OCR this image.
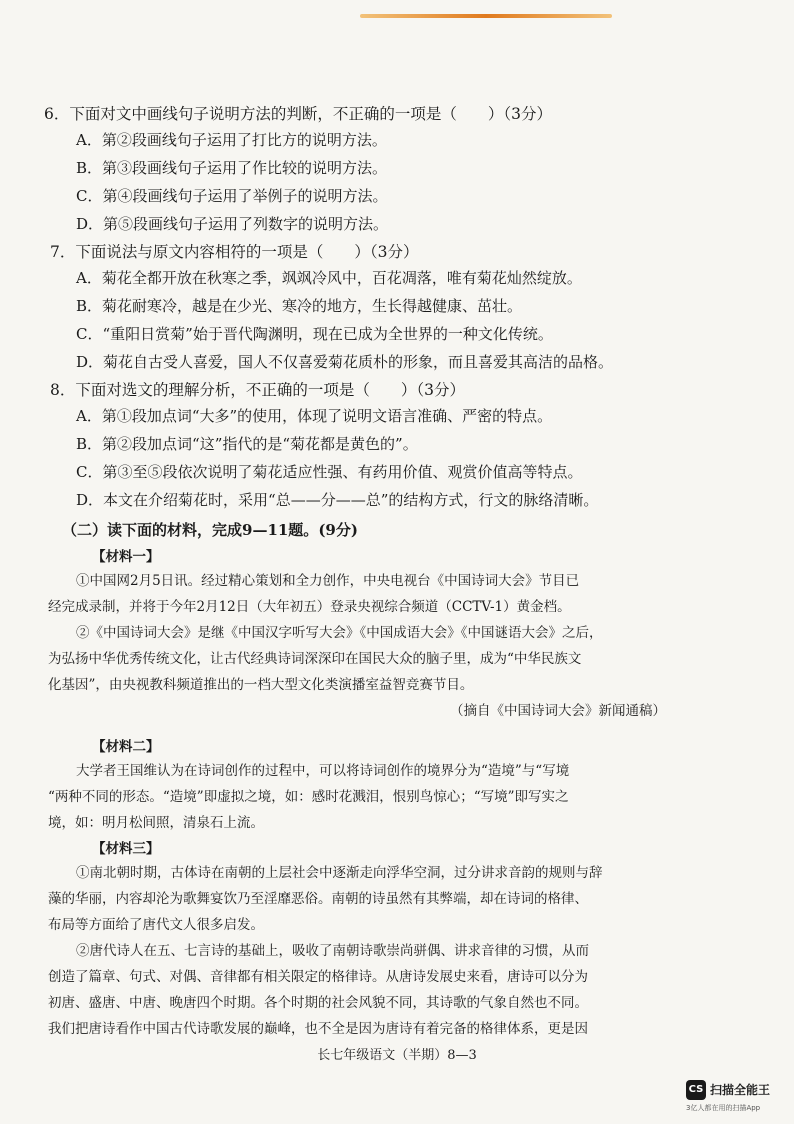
6．下面对文中画线句子说明方法的判断，不正确的一项是（　　）（3分）
A．第②段画线句子运用了打比方的说明方法。
B．第③段画线句子运用了作比较的说明方法。
C．第④段画线句子运用了举例子的说明方法。
D．第⑤段画线句子运用了列数字的说明方法。
7．下面说法与原文内容相符的一项是（　　）（3分）
A．菊花全都开放在秋寒之季，飒飒冷风中，百花凋落，唯有菊花灿然绽放。
B．菊花耐寒冷，越是在少光、寒冷的地方，生长得越健康、茁壮。
C．“重阳日赏菊”始于晋代陶渊明，现在已成为全世界的一种文化传统。
D．菊花自古受人喜爱，国人不仅喜爱菊花质朴的形象，而且喜爱其高洁的品格。
8．下面对选文的理解分析，不正确的一项是（　　）（3分）
A．第①段加点词“大多”的使用，体现了说明文语言准确、严密的特点。
B．第②段加点词“这”指代的是“菊花都是黄色的”。
C．第③至⑤段依次说明了菊花适应性强、有药用价值、观赏价值高等特点。
D．本文在介绍菊花时，采用“总——分——总”的结构方式，行文的脉络清晰。
（二）读下面的材料，完成9—11题。(9分)
【材料一】
①中国网2月5日讯。经过精心策划和全力创作，中央电视台《中国诗词大会》节目已
经完成录制，并将于今年2月12日（大年初五）登录央视综合频道（CCTV-1）黄金档。
②《中国诗词大会》是继《中国汉字听写大会》《中国成语大会》《中国谜语大会》之后，
为弘扬中华优秀传统文化，让古代经典诗词深深印在国民大众的脑子里，成为“中华民族文
化基因”，由央视教科频道推出的一档大型文化类演播室益智竞赛节目。
（摘自《中国诗词大会》新闻通稿）
【材料二】
大学者王国维认为在诗词创作的过程中，可以将诗词创作的境界分为“造境”与“写境
“两种不同的形态。“造境”即虚拟之境，如：感时花溅泪，恨别鸟惊心；“写境”即写实之
境，如：明月松间照，清泉石上流。
【材料三】
①南北朝时期，古体诗在南朝的上层社会中逐渐走向浮华空洞，过分讲求音韵的规则与辞
藻的华丽，内容却沦为歌舞宴饮乃至淫靡恶俗。南朝的诗虽然有其弊端，却在诗词的格律、
布局等方面给了唐代文人很多启发。
②唐代诗人在五、七言诗的基础上，吸收了南朝诗歌崇尚骈偶、讲求音律的习惯，从而
创造了篇章、句式、对偶、音律都有相关限定的格律诗。从唐诗发展史来看，唐诗可以分为
初唐、盛唐、中唐、晚唐四个时期。各个时期的社会风貌不同，其诗歌的气象自然也不同。
我们把唐诗看作中国古代诗歌发展的巅峰，也不全是因为唐诗有着完备的格律体系，更是因
长七年级语文（半期）8—3
CS 扫描全能王
3亿人都在用的扫描App
